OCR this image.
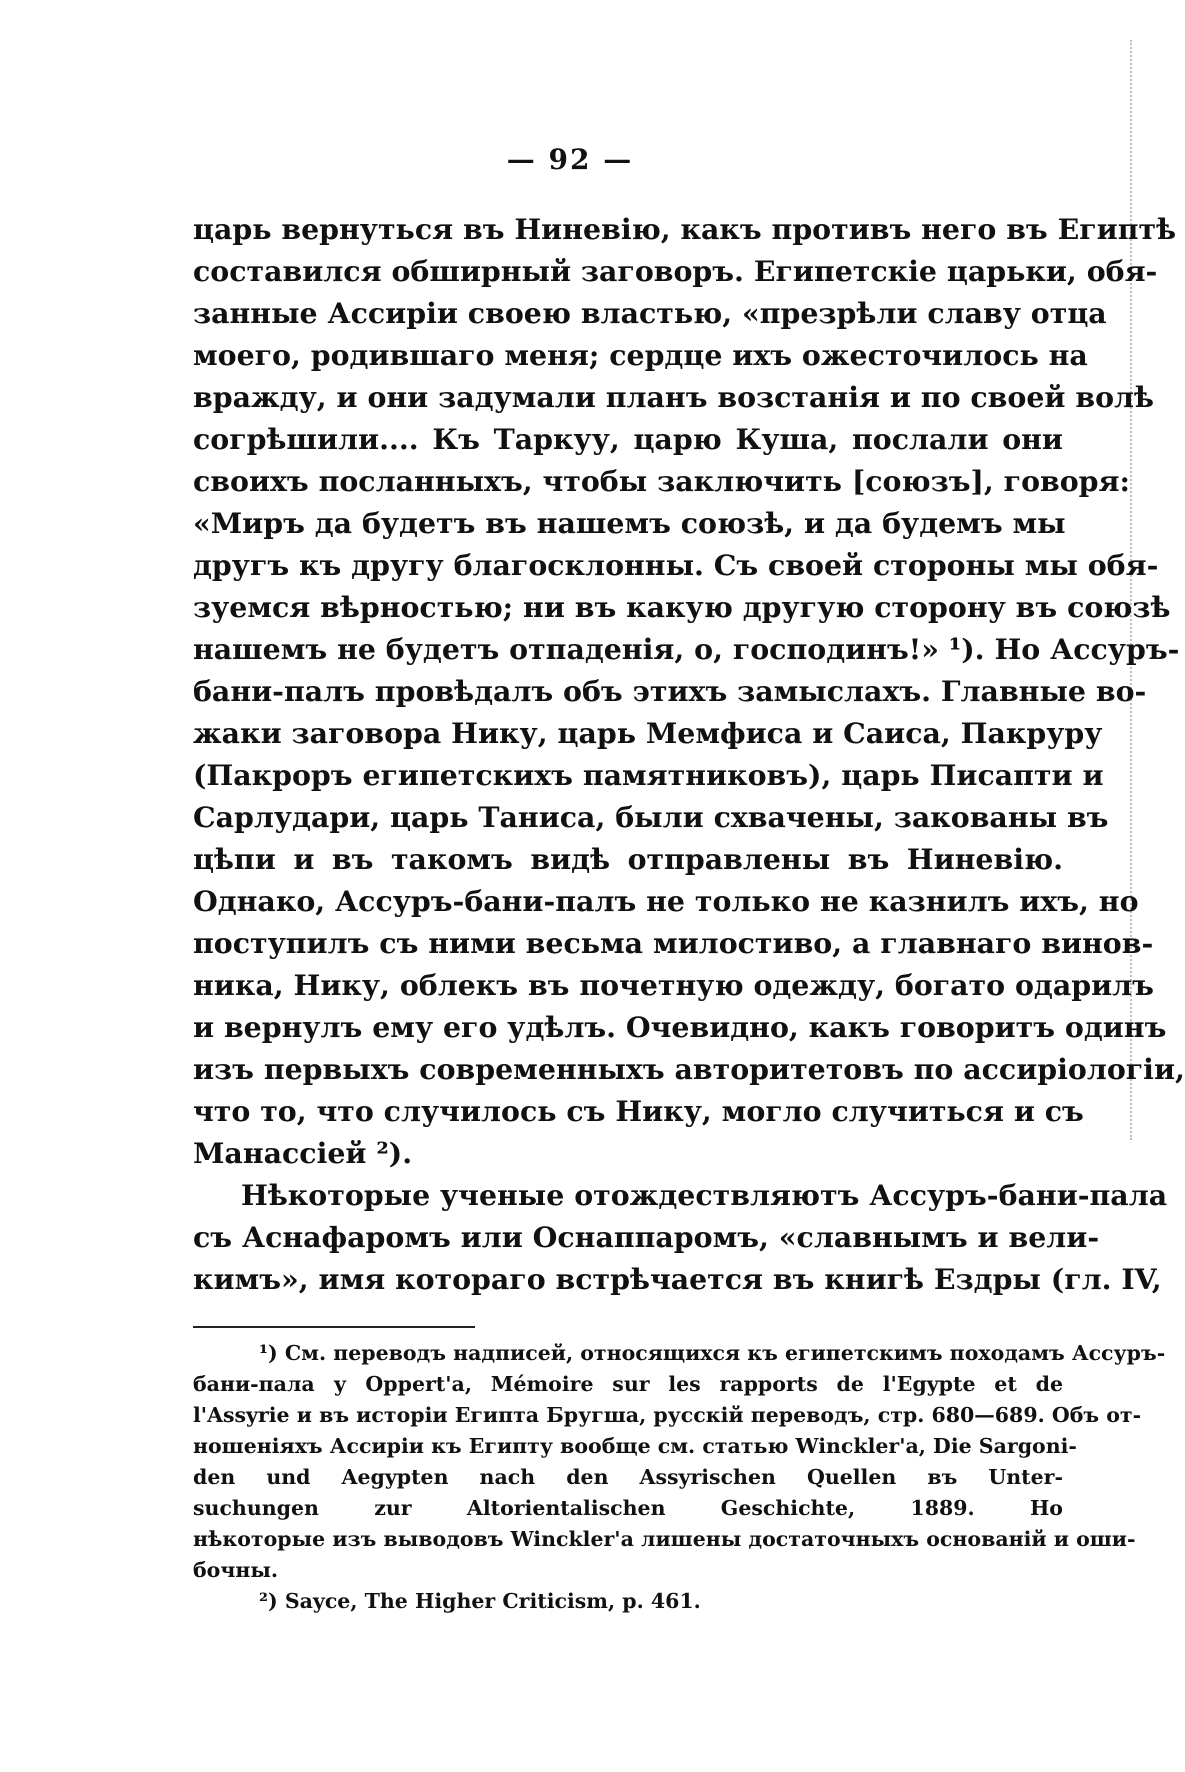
— 92 —
царь вернуться въ Ниневію, какъ противъ него въ Египтѣ
составился обширный заговоръ. Египетскіе царьки, обя-
занные Ассиріи своею властью, «презрѣли славу отца
моего, родившаго меня; сердце ихъ ожесточилось на
вражду, и они задумали планъ возстанія и по своей волѣ
согрѣшили.... Къ Таркуу, царю Куша, послали они
своихъ посланныхъ, чтобы заключить [союзъ], говоря:
«Миръ да будетъ въ нашемъ союзѣ, и да будемъ мы
другъ къ другу благосклонны. Съ своей стороны мы обя-
зуемся вѣрностью; ни въ какую другую сторону въ союзѣ
нашемъ не будетъ отпаденія, о, господинъ!» ¹). Но Ассуръ-
бани-палъ провѣдалъ объ этихъ замыслахъ. Главные во-
жаки заговора Нику, царь Мемфиса и Саиса, Пакруру
(Пакроръ египетскихъ памятниковъ), царь Писапти и
Сарлудари, царь Таниса, были схвачены, закованы въ
цѣпи и въ такомъ видѣ отправлены въ Ниневію.
Однако, Ассуръ-бани-палъ не только не казнилъ ихъ, но
поступилъ съ ними весьма милостиво, а главнаго винов-
ника, Нику, облекъ въ почетную одежду, богато одарилъ
и вернулъ ему его удѣлъ. Очевидно, какъ говоритъ одинъ
изъ первыхъ современныхъ авторитетовъ по ассиріологіи,
что то, что случилось съ Нику, могло случиться и съ
Манассіей ²).
Нѣкоторые ученые отождествляютъ Ассуръ-бани-пала
съ Аснафаромъ или Оснаппаромъ, «славнымъ и вели-
кимъ», имя котораго встрѣчается въ книгѣ Ездры (гл. IV,
¹) См. переводъ надписей, относящихся къ египетскимъ походамъ Ассуръ-
бани-пала у Oppert'а, Mémoire sur les rapports de l'Egypte et de
l'Assyrie и въ исторіи Египта Бругша, русскій переводъ, стр. 680—689. Объ от-
ношеніяхъ Ассиріи къ Египту вообще см. статью Winckler'а, Die Sargoni-
den und Aegypten nach den Assyrischen Quellen въ Unter-
suchungen zur Altorientalischen Geschichte, 1889. Но
нѣкоторые изъ выводовъ Winckler'а лишены достаточныхъ основаній и оши-
бочны.
²) Sayce, The Higher Criticism, p. 461.
